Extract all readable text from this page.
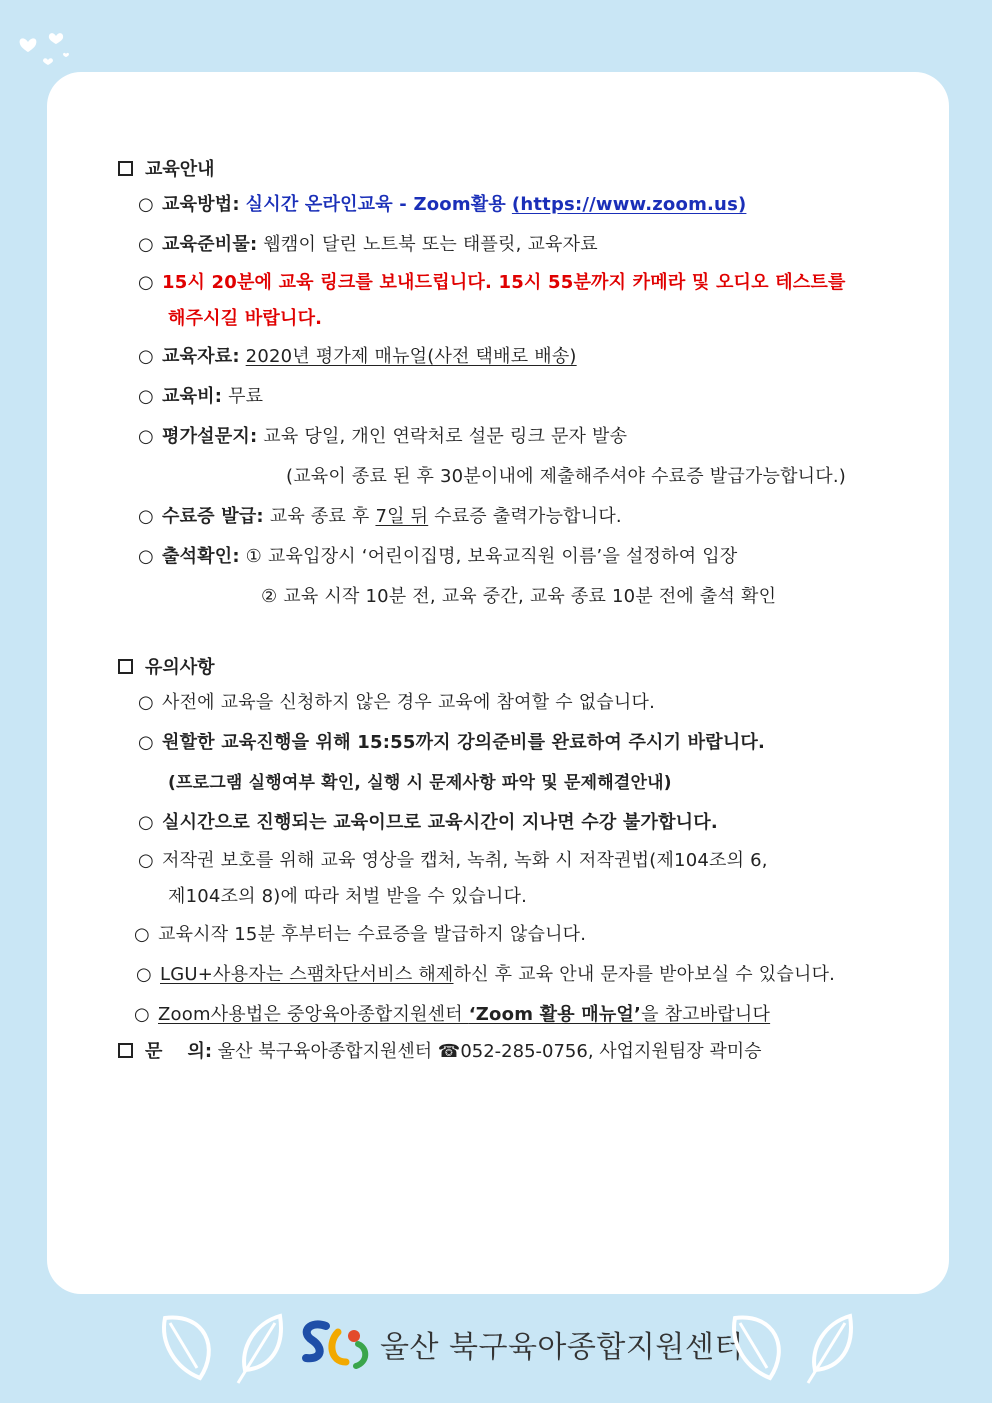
교육안내
○ 교육방법: 실시간 온라인교육 - Zoom활용 (https://www.zoom.us)
○ 교육준비물: 웹캠이 달린 노트북 또는 태플릿, 교육자료
○ 15시 20분에 교육 링크를 보내드립니다. 15시 55분까지 카메라 및 오디오 테스트를
해주시길 바랍니다.
○ 교육자료: 2020년 평가제 매뉴얼(사전 택배로 배송)
○ 교육비: 무료
○ 평가설문지: 교육 당일, 개인 연락처로 설문 링크 문자 발송
(교육이 종료 된 후 30분이내에 제출해주셔야 수료증 발급가능합니다.)
○ 수료증 발급: 교육 종료 후 7일 뒤 수료증 출력가능합니다.
○ 출석확인: ① 교육입장시 ‘어린이집명, 보육교직원 이름’을 설정하여 입장
② 교육 시작 10분 전, 교육 중간, 교육 종료 10분 전에 출석 확인
유의사항
○ 사전에 교육을 신청하지 않은 경우 교육에 참여할 수 없습니다.
○ 원할한 교육진행을 위해 15:55까지 강의준비를 완료하여 주시기 바랍니다.
(프로그램 실행여부 확인, 실행 시 문제사항 파악 및 문제해결안내)
○ 실시간으로 진행되는 교육이므로 교육시간이 지나면 수강 불가합니다.
○ 저작권 보호를 위해 교육 영상을 캡처, 녹취, 녹화 시 저작권법(제104조의 6,
제104조의 8)에 따라 처벌 받을 수 있습니다.
○ 교육시작 15분 후부터는 수료증을 발급하지 않습니다.
○ LGU+사용자는 스팸차단서비스 해제하신 후 교육 안내 문자를 받아보실 수 있습니다.
○ Zoom사용법은 중앙육아종합지원센터 ‘Zoom 활용 매뉴얼’을 참고바랍니다
문    의: 울산 북구육아종합지원센터 ☎052-285-0756, 사업지원팀장 곽미승
울산 북구육아종합지원센터
